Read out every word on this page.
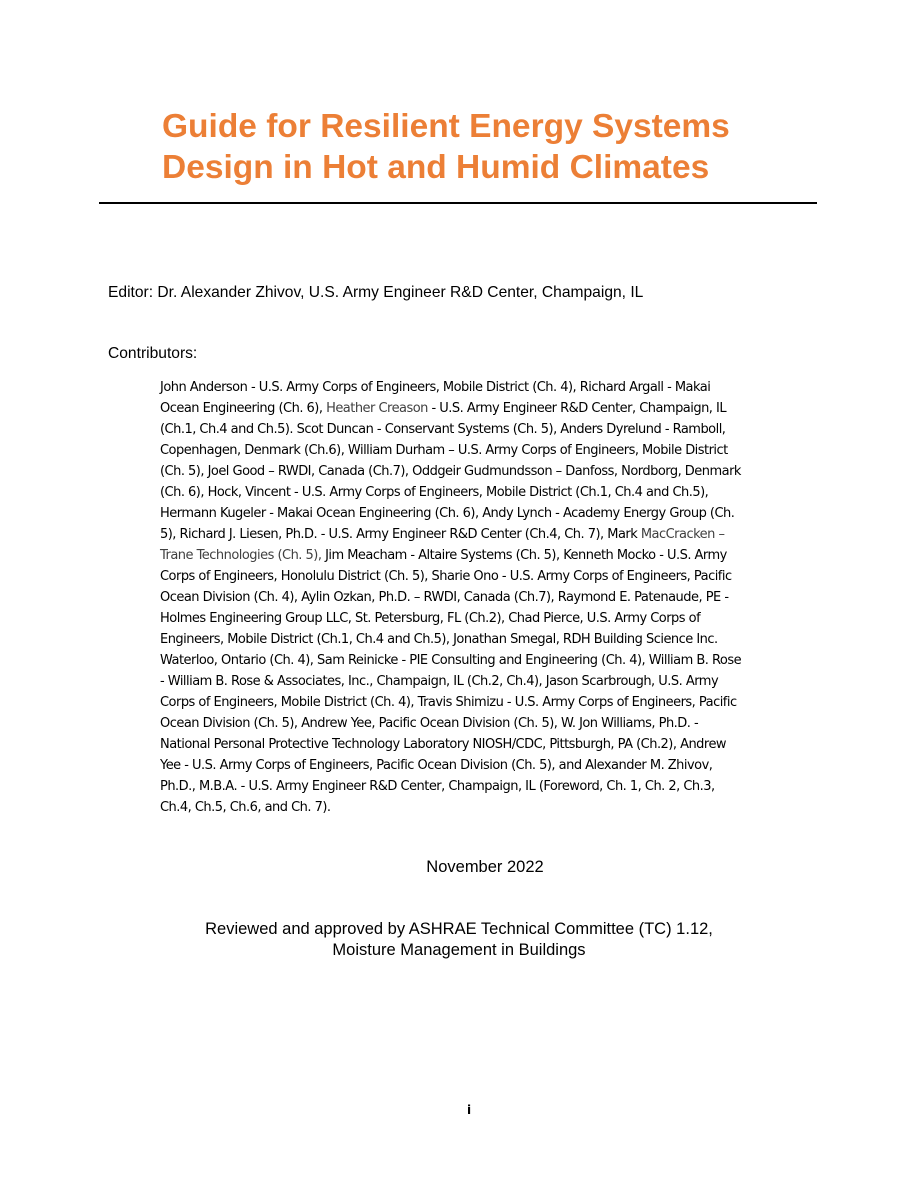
Guide for Resilient Energy Systems
Design in Hot and Humid Climates
Editor: Dr. Alexander Zhivov, U.S. Army Engineer R&D Center, Champaign, IL
Contributors:
John Anderson - U.S. Army Corps of Engineers, Mobile District (Ch. 4), Richard Argall - Makai
Ocean Engineering (Ch. 6), Heather Creason - U.S. Army Engineer R&D Center, Champaign, IL
(Ch.1, Ch.4 and Ch.5). Scot Duncan - Conservant Systems (Ch. 5), Anders Dyrelund - Ramboll,
Copenhagen, Denmark (Ch.6), William Durham – U.S. Army Corps of Engineers, Mobile District
(Ch. 5), Joel Good – RWDI, Canada (Ch.7), Oddgeir Gudmundsson – Danfoss, Nordborg, Denmark
(Ch. 6), Hock, Vincent - U.S. Army Corps of Engineers, Mobile District (Ch.1, Ch.4 and Ch.5),
Hermann Kugeler - Makai Ocean Engineering (Ch. 6), Andy Lynch - Academy Energy Group (Ch.
5), Richard J. Liesen, Ph.D. - U.S. Army Engineer R&D Center (Ch.4, Ch. 7), Mark MacCracken –
Trane Technologies (Ch. 5), Jim Meacham - Altaire Systems (Ch. 5), Kenneth Mocko - U.S. Army
Corps of Engineers, Honolulu District (Ch. 5), Sharie Ono - U.S. Army Corps of Engineers, Pacific
Ocean Division (Ch. 4), Aylin Ozkan, Ph.D. – RWDI, Canada (Ch.7), Raymond E. Patenaude, PE -
Holmes Engineering Group LLC, St. Petersburg, FL (Ch.2), Chad Pierce, U.S. Army Corps of
Engineers, Mobile District (Ch.1, Ch.4 and Ch.5), Jonathan Smegal, RDH Building Science Inc.
Waterloo, Ontario (Ch. 4), Sam Reinicke - PIE Consulting and Engineering (Ch. 4), William B. Rose
- William B. Rose & Associates, Inc., Champaign, IL (Ch.2, Ch.4), Jason Scarbrough, U.S. Army
Corps of Engineers, Mobile District (Ch. 4), Travis Shimizu - U.S. Army Corps of Engineers, Pacific
Ocean Division (Ch. 5), Andrew Yee, Pacific Ocean Division (Ch. 5), W. Jon Williams, Ph.D. -
National Personal Protective Technology Laboratory NIOSH/CDC, Pittsburgh, PA (Ch.2), Andrew
Yee - U.S. Army Corps of Engineers, Pacific Ocean Division (Ch. 5), and Alexander M. Zhivov,
Ph.D., M.B.A. - U.S. Army Engineer R&D Center, Champaign, IL (Foreword, Ch. 1, Ch. 2, Ch.3,
Ch.4, Ch.5, Ch.6, and Ch. 7).
November 2022
Reviewed and approved by ASHRAE Technical Committee (TC) 1.12,
Moisture Management in Buildings
i
